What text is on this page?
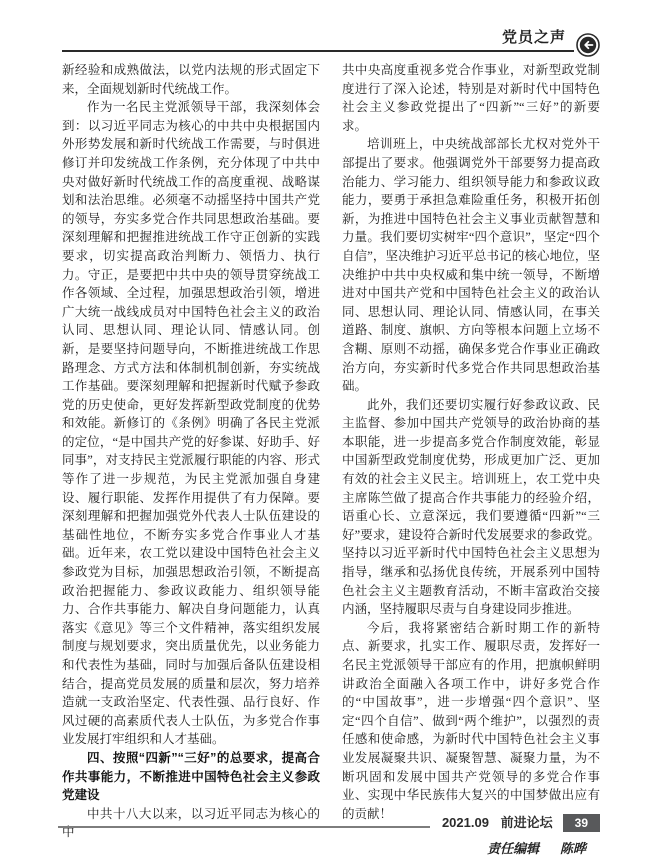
党员之声

新经验和成熟做法，以党内法规的形式固定下来，全面规划新时代统战工作。

作为一名民主党派领导干部，我深刻体会到：以习近平同志为核心的中共中央根据国内外形势发展和新时代统战工作需要，与时俱进修订并印发统战工作条例，充分体现了中共中央对做好新时代统战工作的高度重视、战略谋划和法治思维。必须毫不动摇坚持中国共产党的领导，夯实多党合作共同思想政治基础。要深刻理解和把握推进统战工作守正创新的实践要求，切实提高政治判断力、领悟力、执行力。守正，是要把中共中央的领导贯穿统战工作各领域、全过程，加强思想政治引领，增进广大统一战线成员对中国特色社会主义的政治认同、思想认同、理论认同、情感认同。创新，是要坚持问题导向，不断推进统战工作思路理念、方式方法和体制机制创新，夯实统战工作基础。要深刻理解和把握新时代赋予参政党的历史使命，更好发挥新型政党制度的优势和效能。新修订的《条例》明确了各民主党派的定位，“是中国共产党的好参谋、好助手、好同事”，对支持民主党派履行职能的内容、形式等作了进一步规范，为民主党派加强自身建设、履行职能、发挥作用提供了有力保障。要深刻理解和把握加强党外代表人士队伍建设的基础性地位，不断夯实多党合作事业人才基础。近年来，农工党以建设中国特色社会主义参政党为目标，加强思想政治引领，不断提高政治把握能力、参政议政能力、组织领导能力、合作共事能力、解决自身问题能力，认真落实《意见》等三个文件精神，落实组织发展制度与规划要求，突出质量优先，以业务能力和代表性为基础，同时与加强后备队伍建设相结合，提高党员发展的质量和层次，努力培养造就一支政治坚定、代表性强、品行良好、作风过硬的高素质代表人士队伍，为多党合作事业发展打牢组织和人才基础。

四、按照“四新”“三好”的总要求，提高合作共事能力，不断推进中国特色社会主义参政党建设

中共十八大以来，以习近平同志为核心的中

共中央高度重视多党合作事业，对新型政党制度进行了深入论述，特别是对新时代中国特色社会主义参政党提出了“四新”“三好”的新要求。

培训班上，中央统战部部长尤权对党外干部提出了要求。他强调党外干部要努力提高政治能力、学习能力、组织领导能力和参政议政能力，要勇于承担急难险重任务，积极开拓创新，为推进中国特色社会主义事业贡献智慧和力量。我们要切实树牢“四个意识”，坚定“四个自信”，坚决维护习近平总书记的核心地位，坚决维护中共中央权威和集中统一领导，不断增进对中国共产党和中国特色社会主义的政治认同、思想认同、理论认同、情感认同，在事关道路、制度、旗帜、方向等根本问题上立场不含糊、原则不动摇，确保多党合作事业正确政治方向，夯实新时代多党合作共同思想政治基础。

此外，我们还要切实履行好参政议政、民主监督、参加中国共产党领导的政治协商的基本职能，进一步提高多党合作制度效能，彰显中国新型政党制度优势，形成更加广泛、更加有效的社会主义民主。培训班上，农工党中央主席陈竺做了提高合作共事能力的经验介绍，语重心长、立意深远，我们要遵循“四新”“三好”要求，建设符合新时代发展要求的参政党。坚持以习近平新时代中国特色社会主义思想为指导，继承和弘扬优良传统，开展系列中国特色社会主义主题教育活动，不断丰富政治交接内涵，坚持履职尽责与自身建设同步推进。

今后，我将紧密结合新时期工作的新特点、新要求，扎实工作、履职尽责，发挥好一名民主党派领导干部应有的作用，把旗帜鲜明讲政治全面融入各项工作中，讲好多党合作的“中国故事”，进一步增强“四个意识”、坚定“四个自信”、做到“两个维护”，以强烈的责任感和使命感，为新时代中国特色社会主义事业发展凝聚共识、凝聚智慧、凝聚力量，为不断巩固和发展中国共产党领导的多党合作事业、实现中华民族伟大复兴的中国梦做出应有的贡献！

责任编辑 陈晔
2021.09 前进论坛	39
